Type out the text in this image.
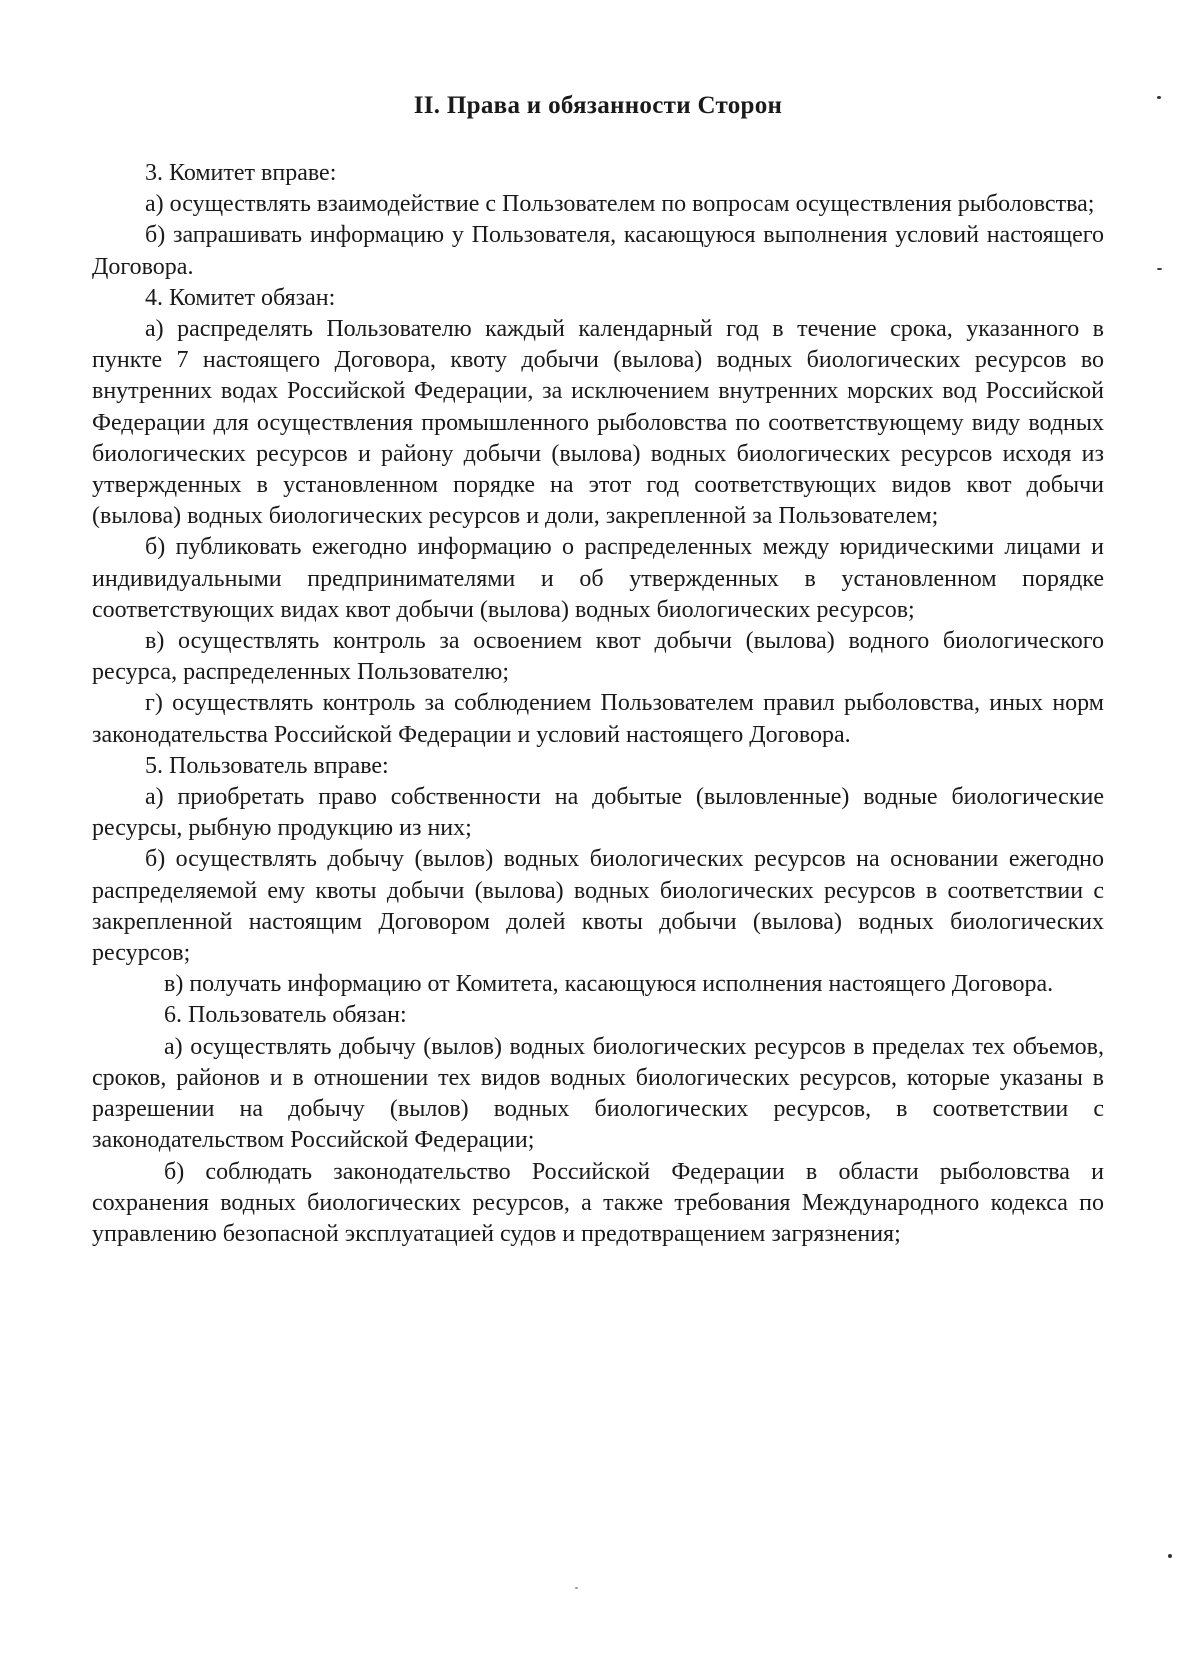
II. Права и обязанности Сторон

3. Комитет вправе:

а) осуществлять взаимодействие с Пользователем по вопросам осуществления рыболовства;

б) запрашивать информацию у Пользователя, касающуюся выполнения условий настоящего Договора.

4. Комитет обязан:

а) распределять Пользователю каждый календарный год в течение срока, указанного в пункте 7 настоящего Договора, квоту добычи (вылова) водных биологических ресурсов во внутренних водах Российской Федерации, за исключением внутренних морских вод Российской Федерации для осуществления промышленного рыболовства по соответствующему виду водных биологических ресурсов и району добычи (вылова) водных биологических ресурсов исходя из утвержденных в установленном порядке на этот год соответствующих видов квот добычи (вылова) водных биологических ресурсов и доли, закрепленной за Пользователем;

б) публиковать ежегодно информацию о распределенных между юридическими лицами и индивидуальными предпринимателями и об утвержденных в установленном порядке соответствующих видах квот добычи (вылова) водных биологических ресурсов;

в) осуществлять контроль за освоением квот добычи (вылова) водного биологического ресурса, распределенных Пользователю;

г) осуществлять контроль за соблюдением Пользователем правил рыболовства, иных норм законодательства Российской Федерации и условий настоящего Договора.

5. Пользователь вправе:

а) приобретать право собственности на добытые (выловленные) водные биологические ресурсы, рыбную продукцию из них;

б) осуществлять добычу (вылов) водных биологических ресурсов на основании ежегодно распределяемой ему квоты добычи (вылова) водных биологических ресурсов в соответствии с закрепленной настоящим Договором долей квоты добычи (вылова) водных биологических ресурсов;

в) получать информацию от Комитета, касающуюся исполнения настоящего Договора.

6. Пользователь обязан:

а) осуществлять добычу (вылов) водных биологических ресурсов в пределах тех объемов, сроков, районов и в отношении тех видов водных биологических ресурсов, которые указаны в разрешении на добычу (вылов) водных биологических ресурсов, в соответствии с законодательством Российской Федерации;

б) соблюдать законодательство Российской Федерации в области рыболовства и сохранения водных биологических ресурсов, а также требования Международного кодекса по управлению безопасной эксплуатацией судов и предотвращением загрязнения;
